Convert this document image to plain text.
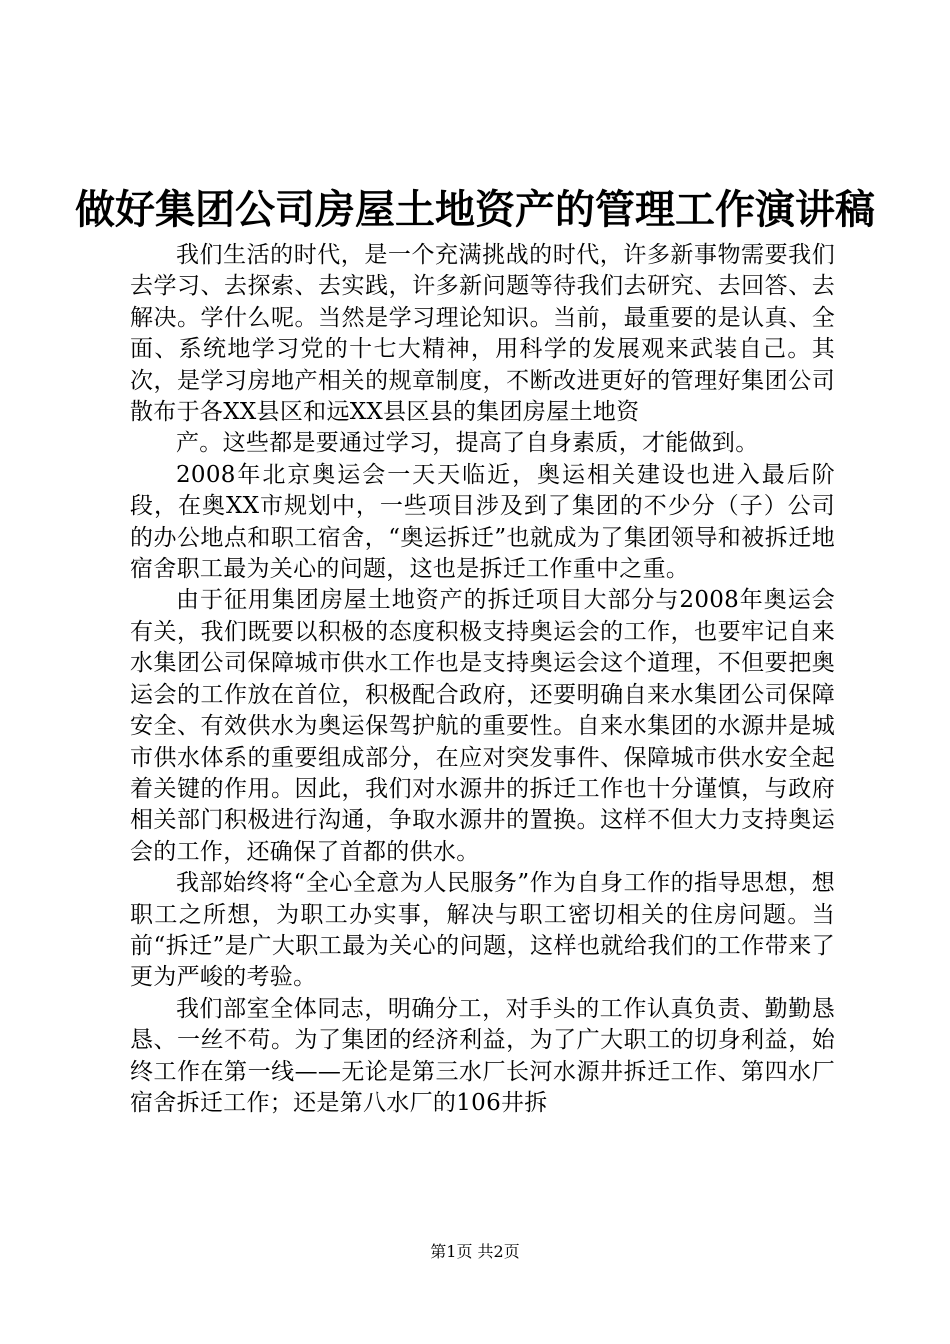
做好集团公司房屋土地资产的管理工作演讲稿

我们生活的时代，是一个充满挑战的时代，许多新事物需要我们去学习、去探索、去实践，许多新问题等待我们去研究、去回答、去解决。学什么呢。当然是学习理论知识。当前，最重要的是认真、全面、系统地学习党的十七大精神，用科学的发展观来武装自己。其次，是学习房地产相关的规章制度，不断改进更好的管理好集团公司散布于各XX县区和远XX县区县的集团房屋土地资

产。这些都是要通过学习，提高了自身素质，才能做到。

2008年北京奥运会一天天临近，奥运相关建设也进入最后阶段，在奥XX市规划中，一些项目涉及到了集团的不少分（子）公司的办公地点和职工宿舍，“奥运拆迁”也就成为了集团领导和被拆迁地宿舍职工最为关心的问题，这也是拆迁工作重中之重。

由于征用集团房屋土地资产的拆迁项目大部分与2008年奥运会有关，我们既要以积极的态度积极支持奥运会的工作，也要牢记自来水集团公司保障城市供水工作也是支持奥运会这个道理，不但要把奥运会的工作放在首位，积极配合政府，还要明确自来水集团公司保障安全、有效供水为奥运保驾护航的重要性。自来水集团的水源井是城市供水体系的重要组成部分，在应对突发事件、保障城市供水安全起着关键的作用。因此，我们对水源井的拆迁工作也十分谨慎，与政府相关部门积极进行沟通，争取水源井的置换。这样不但大力支持奥运会的工作，还确保了首都的供水。

我部始终将“全心全意为人民服务”作为自身工作的指导思想，想职工之所想，为职工办实事，解决与职工密切相关的住房问题。当前“拆迁”是广大职工最为关心的问题，这样也就给我们的工作带来了更为严峻的考验。

我们部室全体同志，明确分工，对手头的工作认真负责、勤勤恳恳、一丝不苟。为了集团的经济利益，为了广大职工的切身利益，始终工作在第一线——无论是第三水厂长河水源井拆迁工作、第四水厂宿舍拆迁工作；还是第八水厂的106井拆

第1页 共2页
